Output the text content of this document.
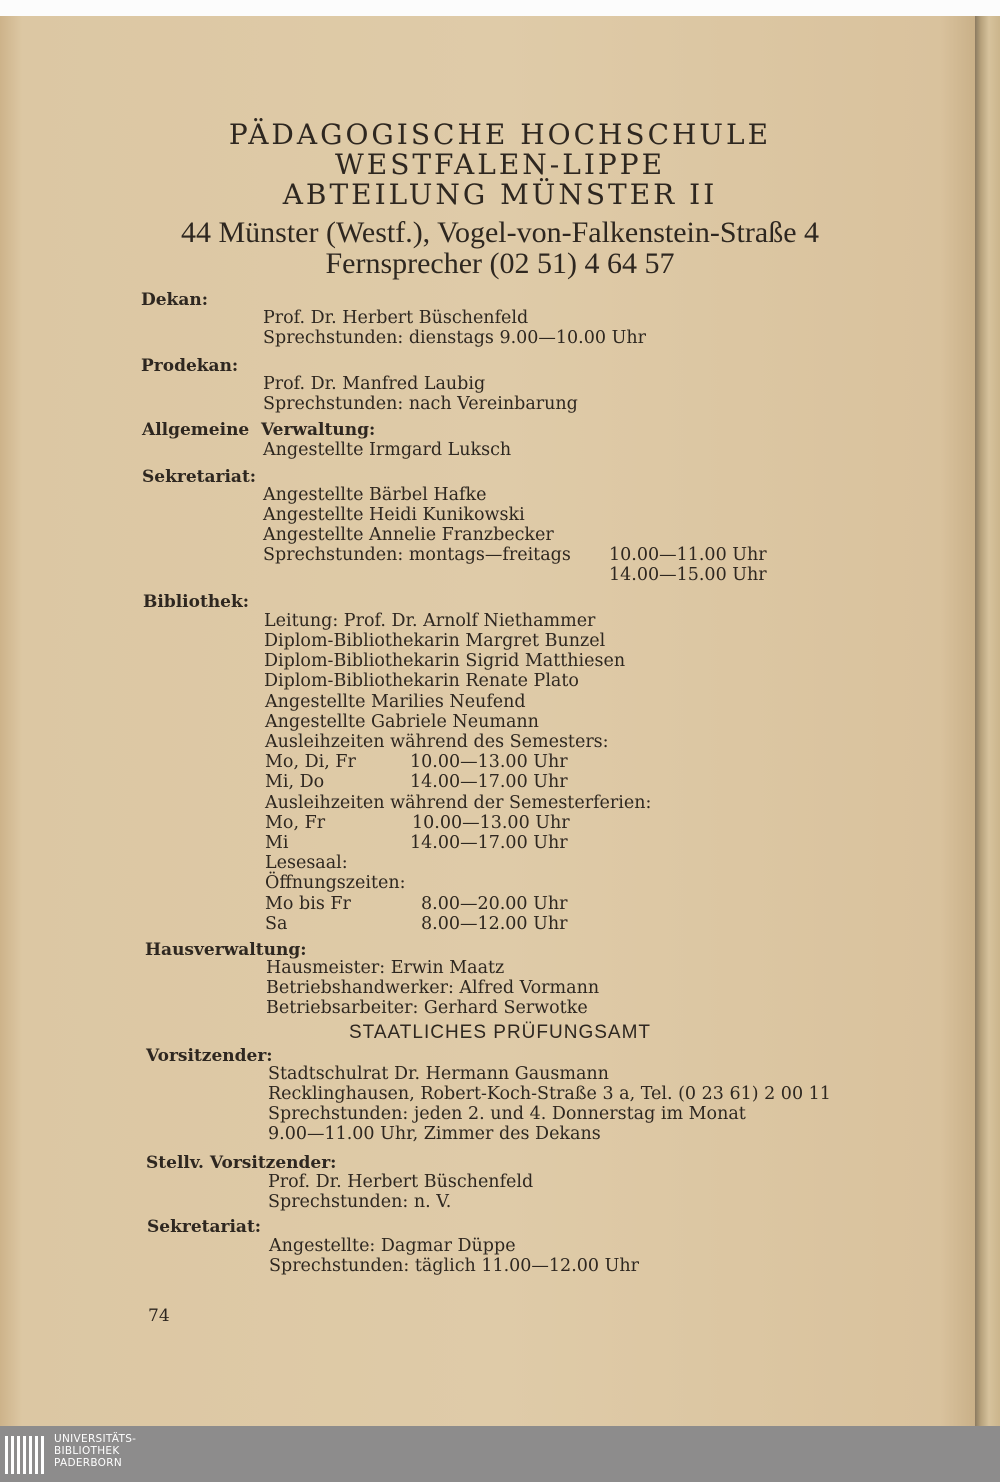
PÄDAGOGISCHE HOCHSCHULE
WESTFALEN-LIPPE
ABTEILUNG MÜNSTER II
44 Münster (Westf.), Vogel-von-Falkenstein-Straße 4
Fernsprecher (02 51) 4 64 57
Dekan:
Prof. Dr. Herbert Büschenfeld
Sprechstunden: dienstags 9.00—10.00 Uhr
Prodekan:
Prof. Dr. Manfred Laubig
Sprechstunden: nach Vereinbarung
Allgemeine Verwaltung:
Angestellte Irmgard Luksch
Sekretariat:
Angestellte Bärbel Hafke
Angestellte Heidi Kunikowski
Angestellte Annelie Franzbecker
Sprechstunden: montags—freitags 10.00—11.00 Uhr
14.00—15.00 Uhr
Bibliothek:
Leitung: Prof. Dr. Arnolf Niethammer
Diplom-Bibliothekarin Margret Bunzel
Diplom-Bibliothekarin Sigrid Matthiesen
Diplom-Bibliothekarin Renate Plato
Angestellte Marilies Neufend
Angestellte Gabriele Neumann
Ausleihzeiten während des Semesters:
Mo, Di, Fr	10.00—13.00 Uhr
Mi, Do	14.00—17.00 Uhr
Ausleihzeiten während der Semesterferien:
Mo, Fr	10.00—13.00 Uhr
Mi	14.00—17.00 Uhr
Lesesaal:
Öffnungszeiten:
Mo bis Fr	8.00—20.00 Uhr
Sa	8.00—12.00 Uhr
Hausverwaltung:
Hausmeister: Erwin Maatz
Betriebshandwerker: Alfred Vormann
Betriebsarbeiter: Gerhard Serwotke
STAATLICHES PRÜFUNGSAMT
Vorsitzender:
Stadtschulrat Dr. Hermann Gausmann
Recklinghausen, Robert-Koch-Straße 3 a, Tel. (0 23 61) 2 00 11
Sprechstunden: jeden 2. und 4. Donnerstag im Monat
9.00—11.00 Uhr, Zimmer des Dekans
Stellv. Vorsitzender:
Prof. Dr. Herbert Büschenfeld
Sprechstunden: n. V.
Sekretariat:
Angestellte: Dagmar Düppe
Sprechstunden: täglich 11.00—12.00 Uhr
74
UNIVERSITÄTS-
BIBLIOTHEK
PADERBORN
